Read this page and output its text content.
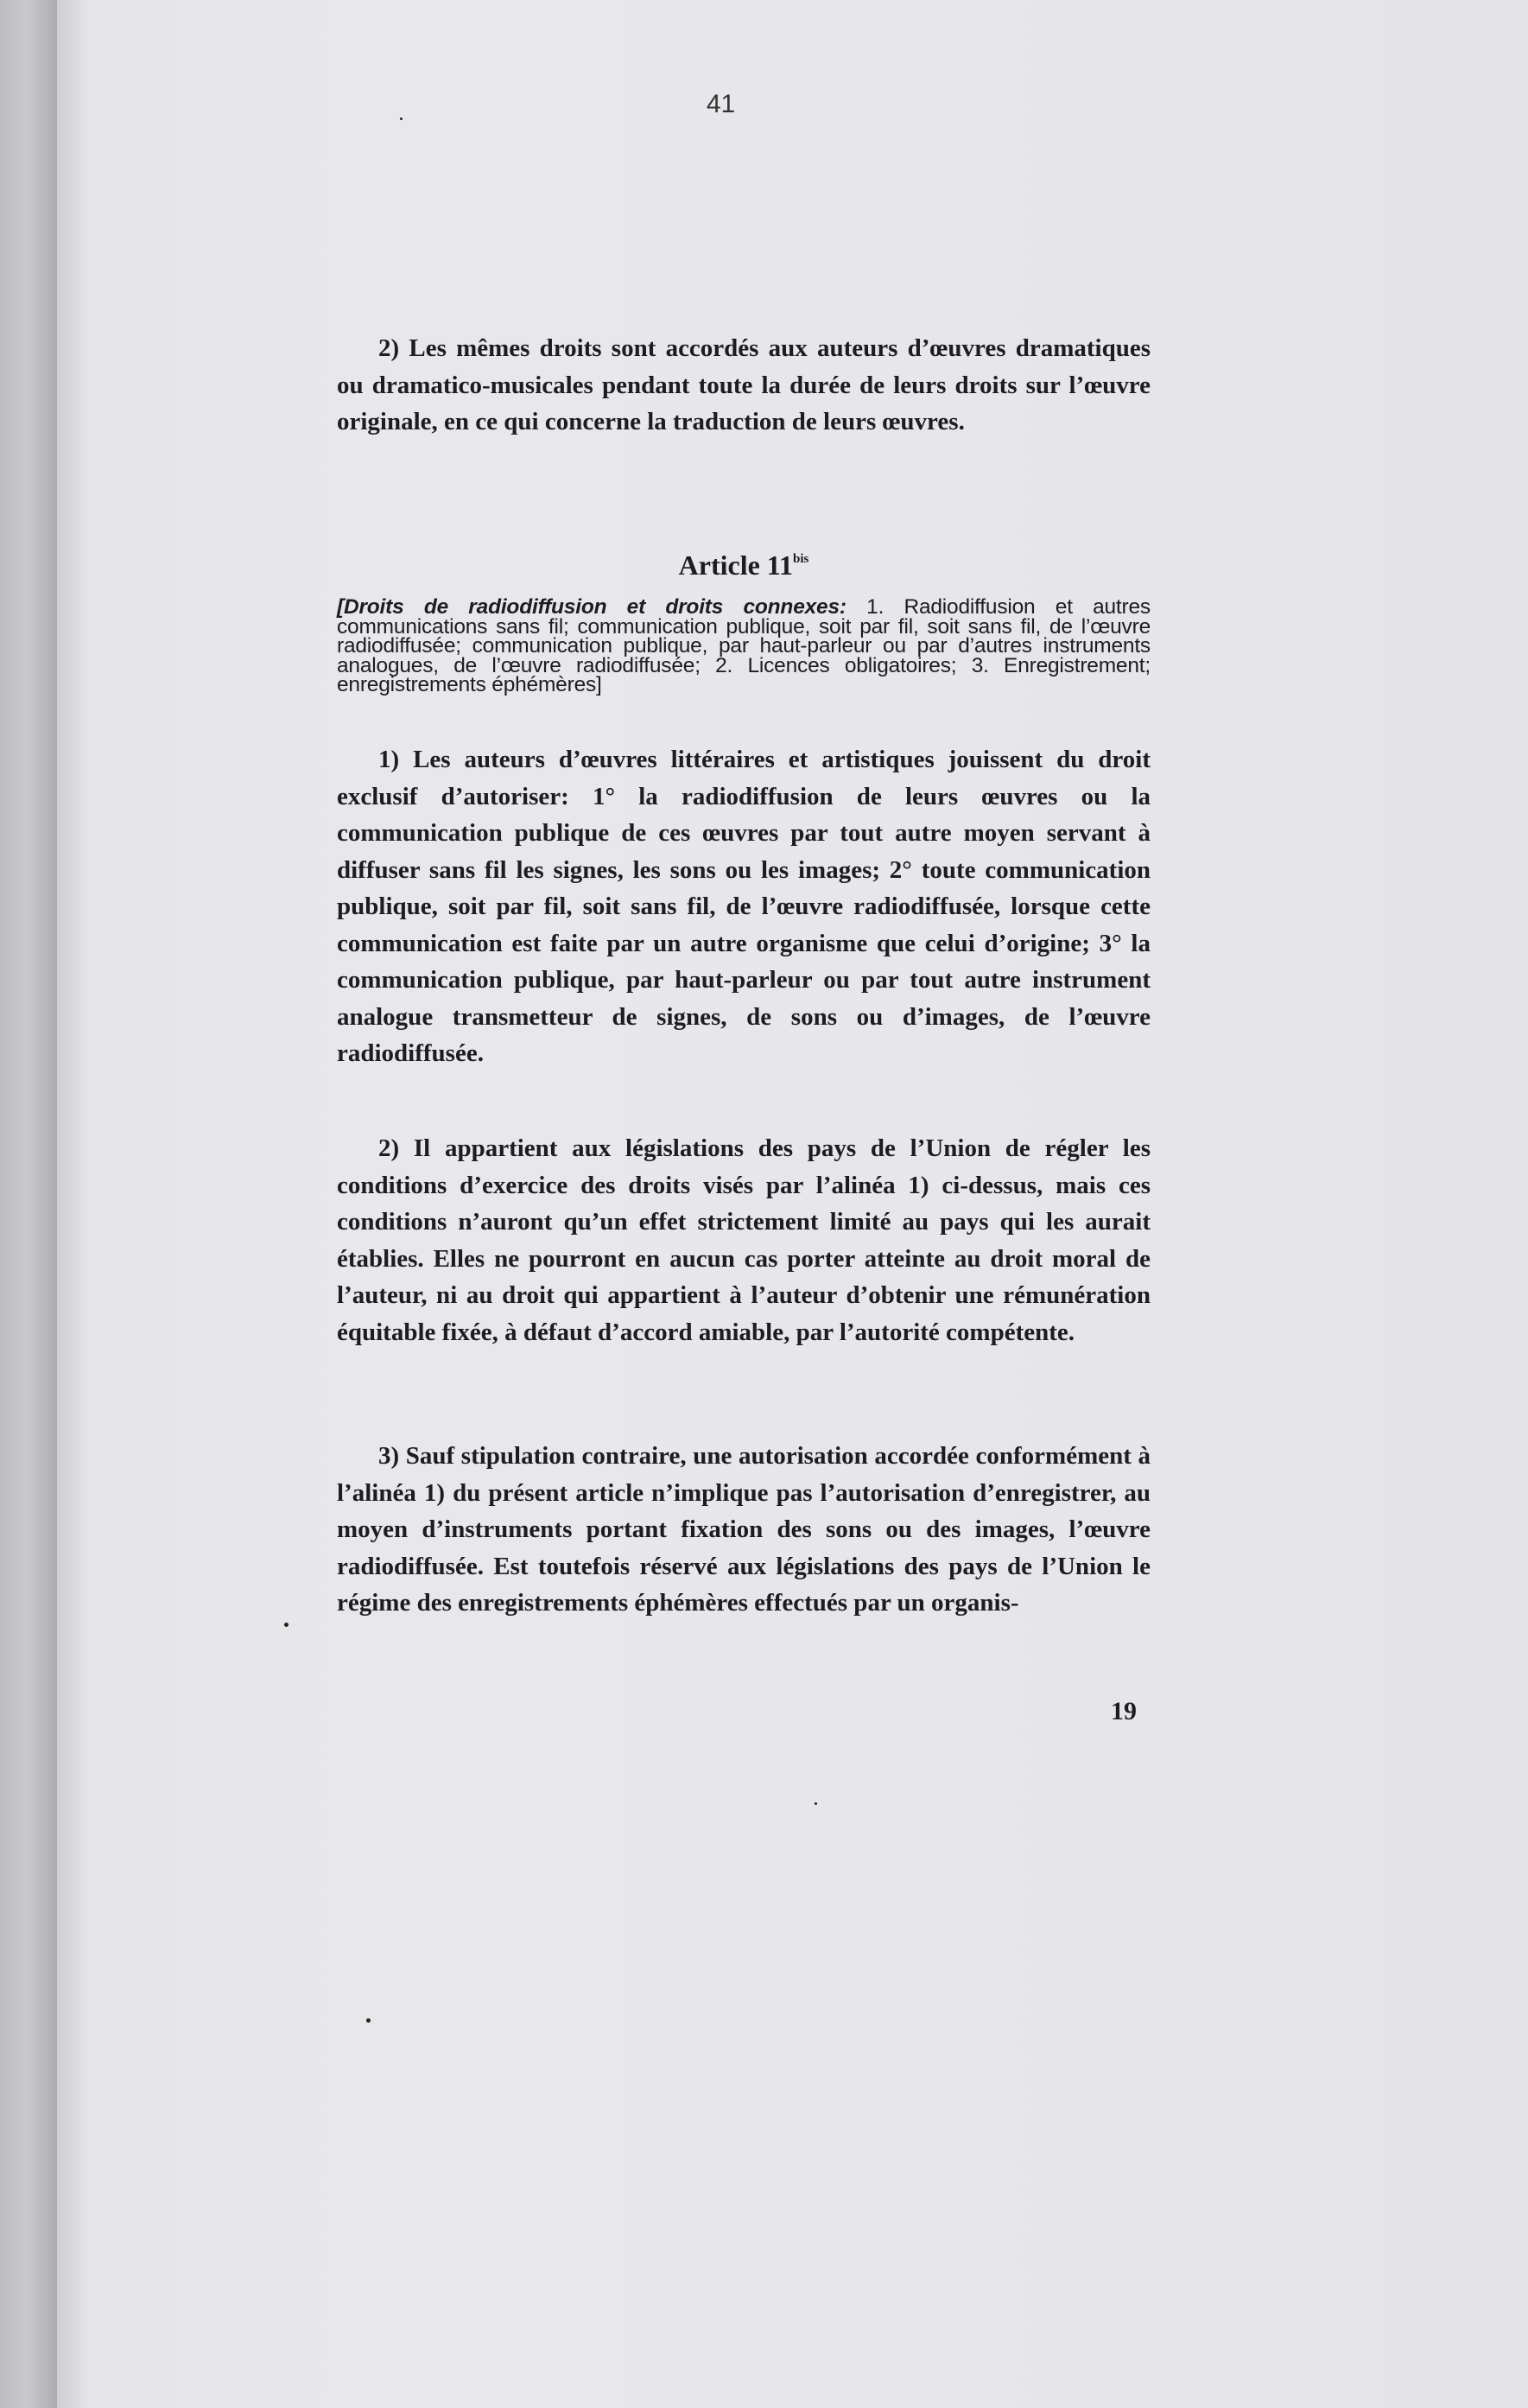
41

2) Les mêmes droits sont accordés aux auteurs d’œuvres dramatiques ou dramatico-musicales pendant toute la durée de leurs droits sur l’œuvre originale, en ce qui concerne la traduction de leurs œuvres.

Article $11^{bis}$

[Droits de radiodiffusion et droits connexes: 1. Radiodiffusion et autres communications sans fil; communication publique, soit par fil, soit sans fil, de l’œuvre radiodiffusée; communication publique, par haut-parleur ou par d’autres instruments analogues, de l’œuvre radiodiffusée; 2. Licences obligatoires; 3. Enregistrement; enregistrements éphémères]

1) Les auteurs d’œuvres littéraires et artistiques jouissent du droit exclusif d’autoriser: 1° la radiodiffusion de leurs œuvres ou la communication publique de ces œuvres par tout autre moyen servant à diffuser sans fil les signes, les sons ou les images; 2° toute communication publique, soit par fil, soit sans fil, de l’œuvre radiodiffusée, lorsque cette communication est faite par un autre organisme que celui d’origine; 3° la communication publique, par haut-parleur ou par tout autre instrument analogue transmetteur de signes, de sons ou d’images, de l’œuvre radiodiffusée.

2) Il appartient aux législations des pays de l’Union de régler les conditions d’exercice des droits visés par l’alinéa 1) ci-dessus, mais ces conditions n’auront qu’un effet strictement limité au pays qui les aurait établies. Elles ne pourront en aucun cas porter atteinte au droit moral de l’auteur, ni au droit qui appartient à l’auteur d’obtenir une rémunération équitable fixée, à défaut d’accord amiable, par l’autorité compétente.

3) Sauf stipulation contraire, une autorisation accordée conformément à l’alinéa 1) du présent article n’implique pas l’autorisation d’enregistrer, au moyen d’instruments portant fixation des sons ou des images, l’œuvre radiodiffusée. Est toutefois réservé aux législations des pays de l’Union le régime des enregistrements éphémères effectués par un organis-

19
